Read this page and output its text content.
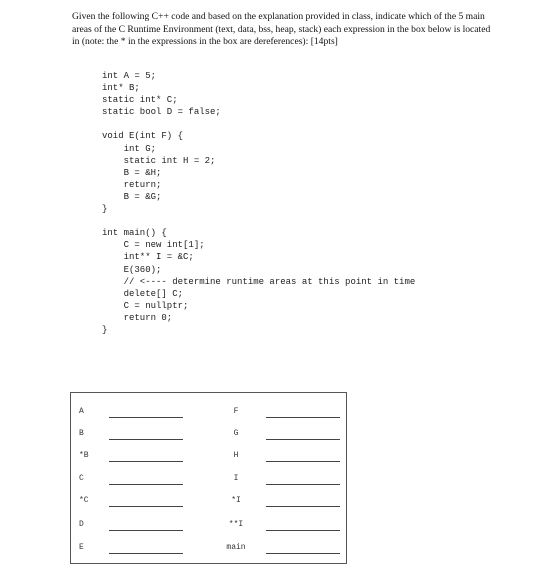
Given the following C++ code and based on the explanation provided in class, indicate which of the 5 main areas of the C Runtime Environment (text, data, bss, heap, stack) each expression in the box below is located in (note: the * in the expressions in the box are dereferences): [14pts]
int A = 5;
int* B;
static int* C;
static bool D = false;
void E(int F) {
int G;
static int H = 2;
B = &H;
return;
B = &G;
}
int main() {
C = new int[1];
int** I = &C;
E(360);
// <---- determine runtime areas at this point in time
delete[] C;
C = nullptr;
return 0;
}
A
B
*B
C
*C
D
E
F
G
H
I
*I
**I
main
